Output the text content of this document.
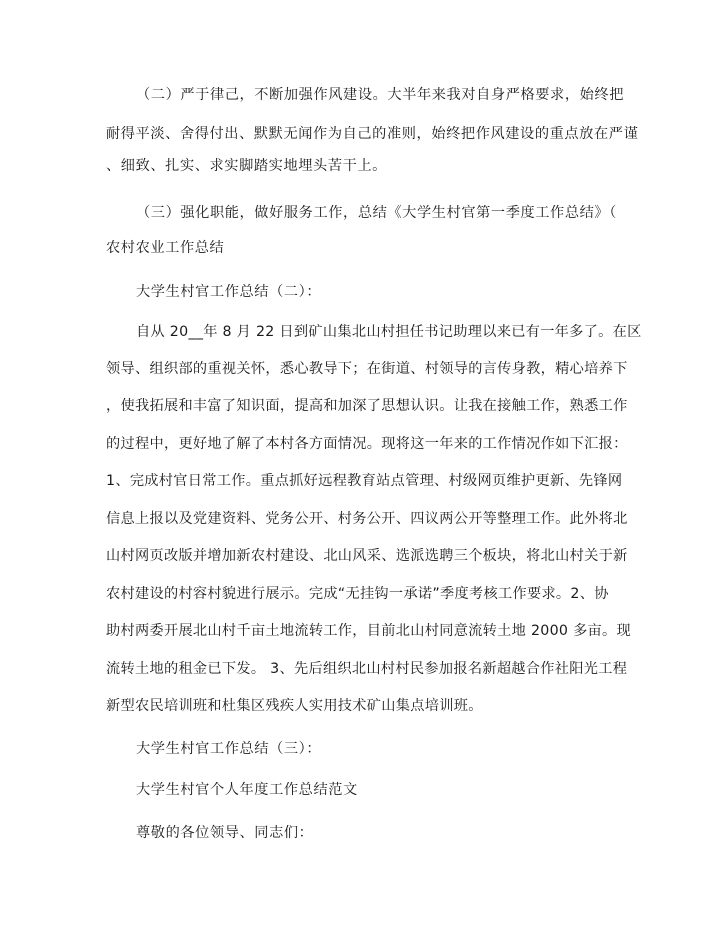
（二）严于律己，不断加强作风建设。大半年来我对自身严格要求，始终把
耐得平淡、舍得付出、默默无闻作为自己的准则，始终把作风建设的重点放在严谨
、细致、扎实、求实脚踏实地埋头苦干上。
（三）强化职能，做好服务工作，总结《大学生村官第一季度工作总结》（
农村农业工作总结
大学生村官工作总结（二）：
自从 20__年 8 月 22 日到矿山集北山村担任书记助理以来已有一年多了。在区
领导、组织部的重视关怀，悉心教导下；在街道、村领导的言传身教，精心培养下
，使我拓展和丰富了知识面，提高和加深了思想认识。让我在接触工作，熟悉工作
的过程中，更好地了解了本村各方面情况。现将这一年来的工作情况作如下汇报：
1、完成村官日常工作。重点抓好远程教育站点管理、村级网页维护更新、先锋网
信息上报以及党建资料、党务公开、村务公开、四议两公开等整理工作。此外将北
山村网页改版并增加新农村建设、北山风采、选派选聘三个板块，将北山村关于新
农村建设的村容村貌进行展示。完成“无挂钩一承诺”季度考核工作要求。2、协
助村两委开展北山村千亩土地流转工作，目前北山村同意流转土地 2000 多亩。现
流转土地的租金已下发。 3、先后组织北山村村民参加报名新超越合作社阳光工程
新型农民培训班和杜集区残疾人实用技术矿山集点培训班。
大学生村官工作总结（三）：
大学生村官个人年度工作总结范文
尊敬的各位领导、同志们：
